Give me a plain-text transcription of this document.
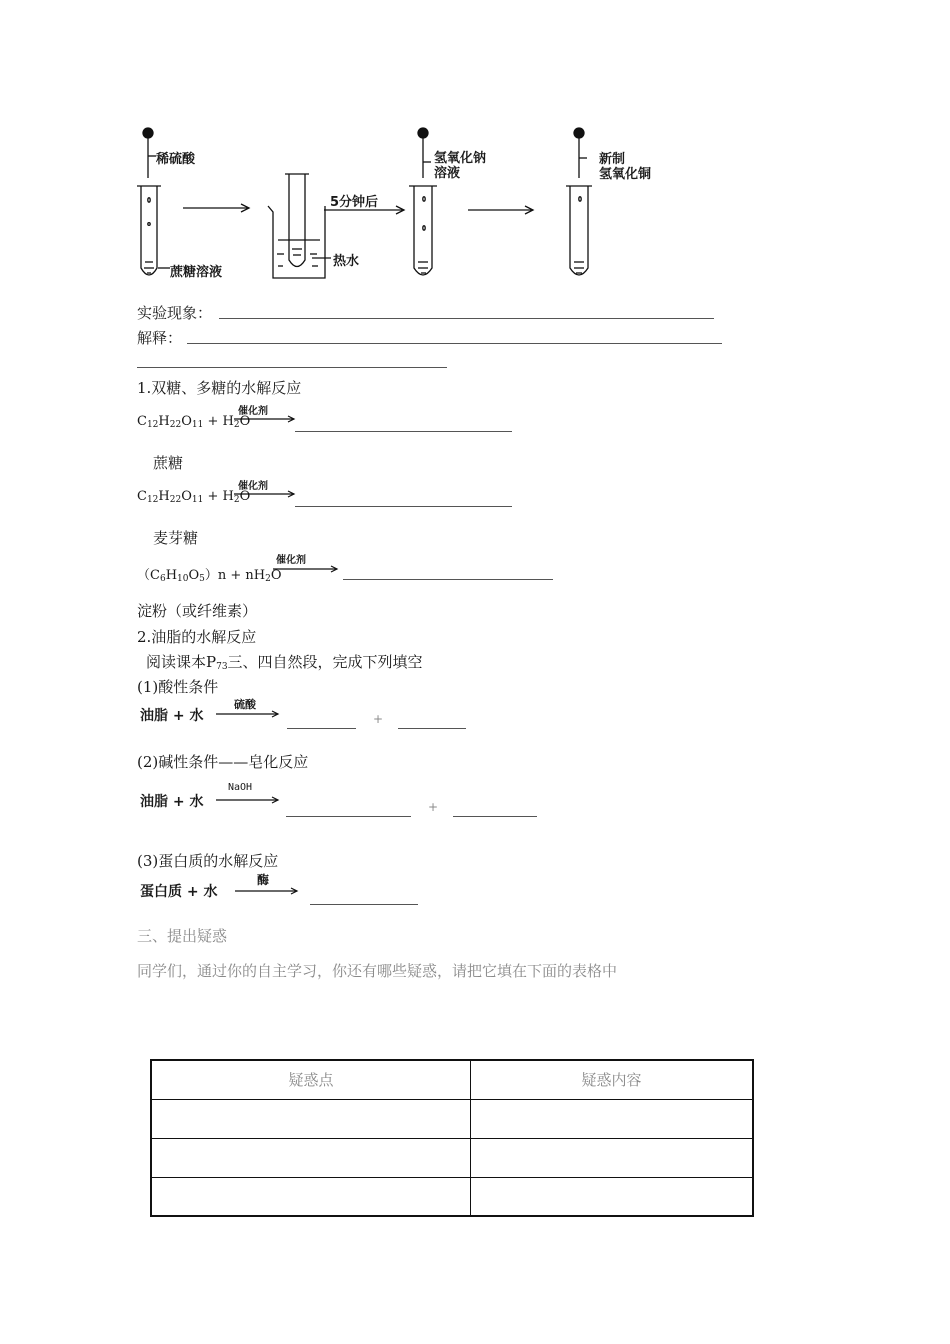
稀硫酸
蔗糖溶液
5分钟后
热水
氢氧化钠
溶液
新制
氢氧化铜
实验现象：
解释：
1.双糖、多糖的水解反应
$C_{12}H_{22}O_{11} + H_2O$
催化剂
蔗糖
$C_{12}H_{22}O_{11} + H_2O$
催化剂
麦芽糖
$(C_6H_{10}O_5)n + nH_2O$
催化剂
淀粉（或纤维素）
2.油脂的水解反应
阅读课本$P_{73}$三、四自然段，完成下列填空
(1)酸性条件
油脂 + 水
硫酸
+
(2)碱性条件——皂化反应
油脂 + 水
NaOH
+
(3)蛋白质的水解反应
蛋白质 + 水
酶
三、提出疑惑
同学们，通过你的自主学习，你还有哪些疑惑，请把它填在下面的表格中
疑惑点	疑惑内容
